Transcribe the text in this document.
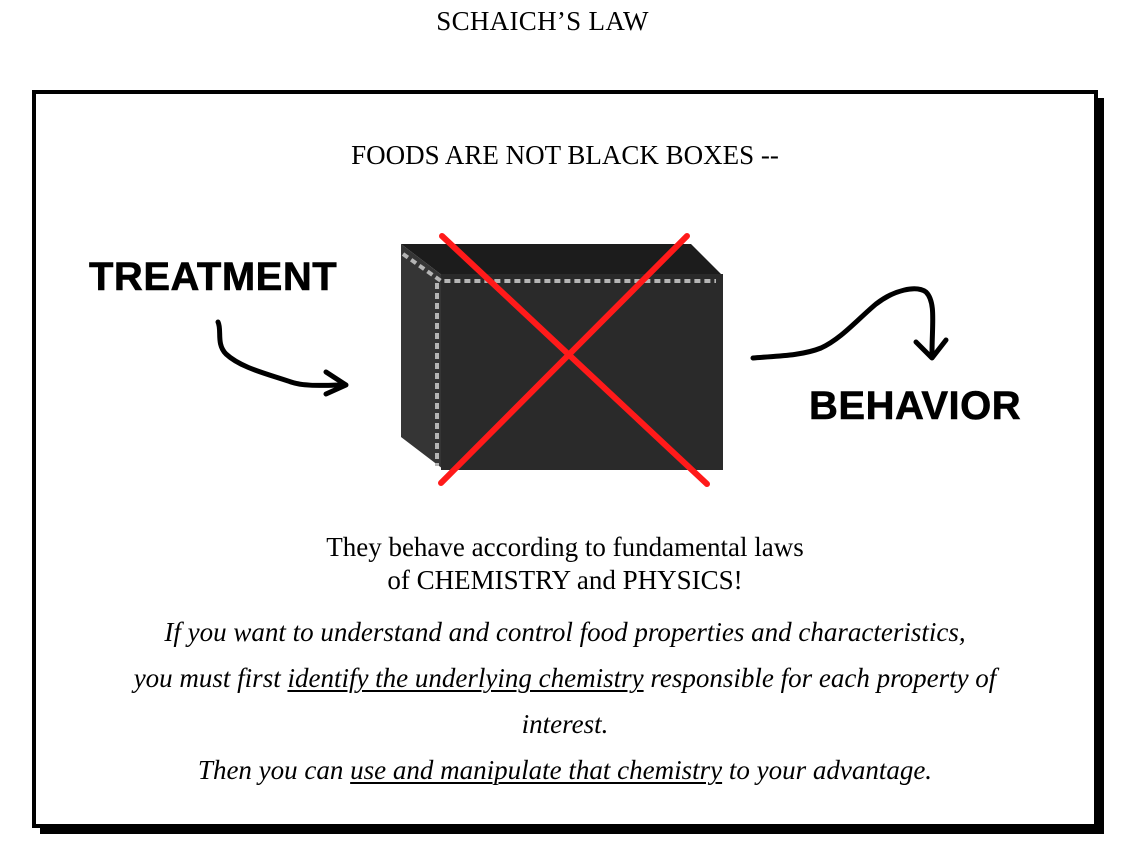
SCHAICH’S LAW
FOODS ARE NOT BLACK BOXES --
TREATMENT
BEHAVIOR
They behave according to fundamental laws
of CHEMISTRY and PHYSICS!
If you want to understand and control food properties and characteristics,
you must first identify the underlying chemistry responsible for each property of
interest.
Then you can use and manipulate that chemistry to your advantage.
